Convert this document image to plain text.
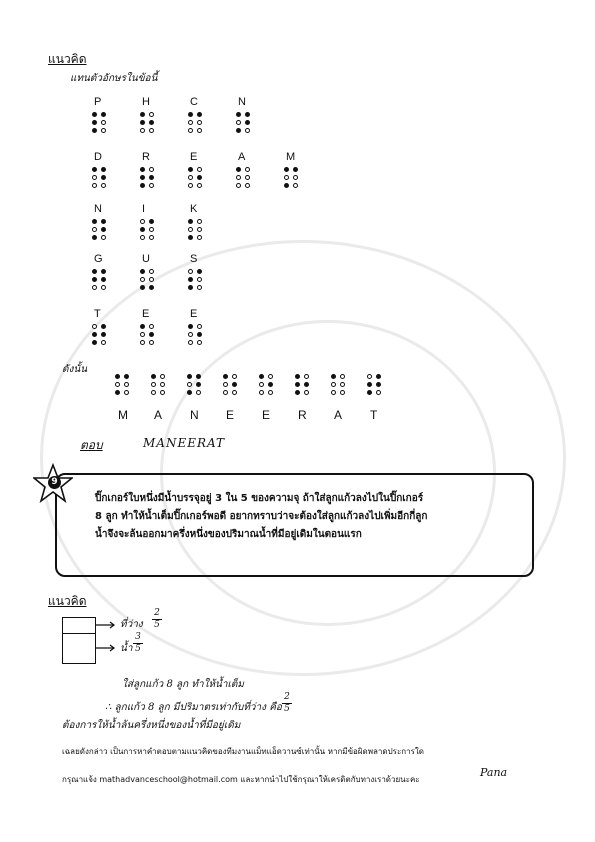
แนวคิด
แทนตัวอักษรในข้อนี้
P	H	C	N
D	R	E	A	M
N	I	K
G	U	S
T	E	E
ดังนั้น
M A N E E R A T
ตอบ	MANEERAT
9
ปิ๊กเกอร์ใบหนึ่งมีน้ำบรรจุอยู่ 3 ใน 5 ของความจุ ถ้าใส่ลูกแก้วลงไปในปิ๊กเกอร์ 8 ลูก ทำให้น้ำเต็มปิ๊กเกอร์พอดี อยากทราบว่าจะต้องใส่ลูกแก้วลงไปเพิ่มอีกกี่ลูก น้ำจึงจะล้นออกมาครึ่งหนึ่งของปริมาณน้ำที่มีอยู่เดิมในตอนแรก
แนวคิด
ที่ว่าง
2
5
น้ำ
3
5
ใส่ลูกแก้ว 8 ลูก ทำให้น้ำเต็ม
∴ ลูกแก้ว 8 ลูก มีปริมาตรเท่ากับที่ว่าง คือ
2
5
ต้องการให้น้ำล้นครึ่งหนึ่งของน้ำที่มีอยู่เดิม
เฉลยดังกล่าว เป็นการหาคำตอบตามแนวคิดของทีมงานแม็ทแอ็ดวานซ์เท่านั้น หากมีข้อผิดพลาดประการใด
กรุณาแจ้ง mathadvanceschool@hotmail.com และหากนำไปใช้กรุณาให้เครดิตกับทางเราด้วยนะคะ
Pana
